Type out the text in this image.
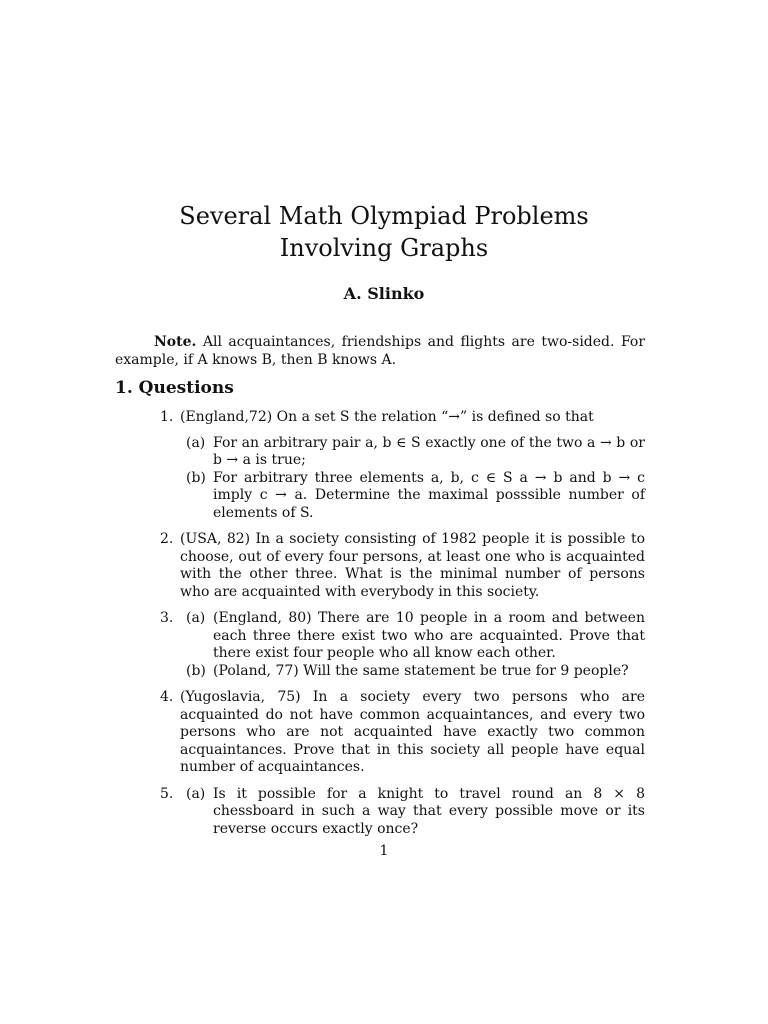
Several Math Olympiad Problems
Involving Graphs
A. Slinko
Note. All acquaintances, friendships and flights are two-sided. For example, if A knows B, then B knows A.
1. Questions
1. (England,72) On a set S the relation “→” is defined so that
(a) For an arbitrary pair a, b ∈ S exactly one of the two a → b or b → a is true;
(b) For arbitrary three elements a, b, c ∈ S a → b and b → c imply c → a. Determine the maximal posssible number of elements of S.
2. (USA, 82) In a society consisting of 1982 people it is possible to choose, out of every four persons, at least one who is acquainted with the other three. What is the minimal number of persons who are acquainted with everybody in this society.
3. (a) (England, 80) There are 10 people in a room and between each three there exist two who are acquainted. Prove that there exist four people who all know each other.
(b) (Poland, 77) Will the same statement be true for 9 people?
4. (Yugoslavia, 75) In a society every two persons who are acquainted do not have common acquaintances, and every two persons who are not acquainted have exactly two common acquaintances. Prove that in this society all people have equal number of acquaintances.
5. (a) Is it possible for a knight to travel round an 8 × 8 chessboard in such a way that every possible move or its reverse occurs exactly once?
1
